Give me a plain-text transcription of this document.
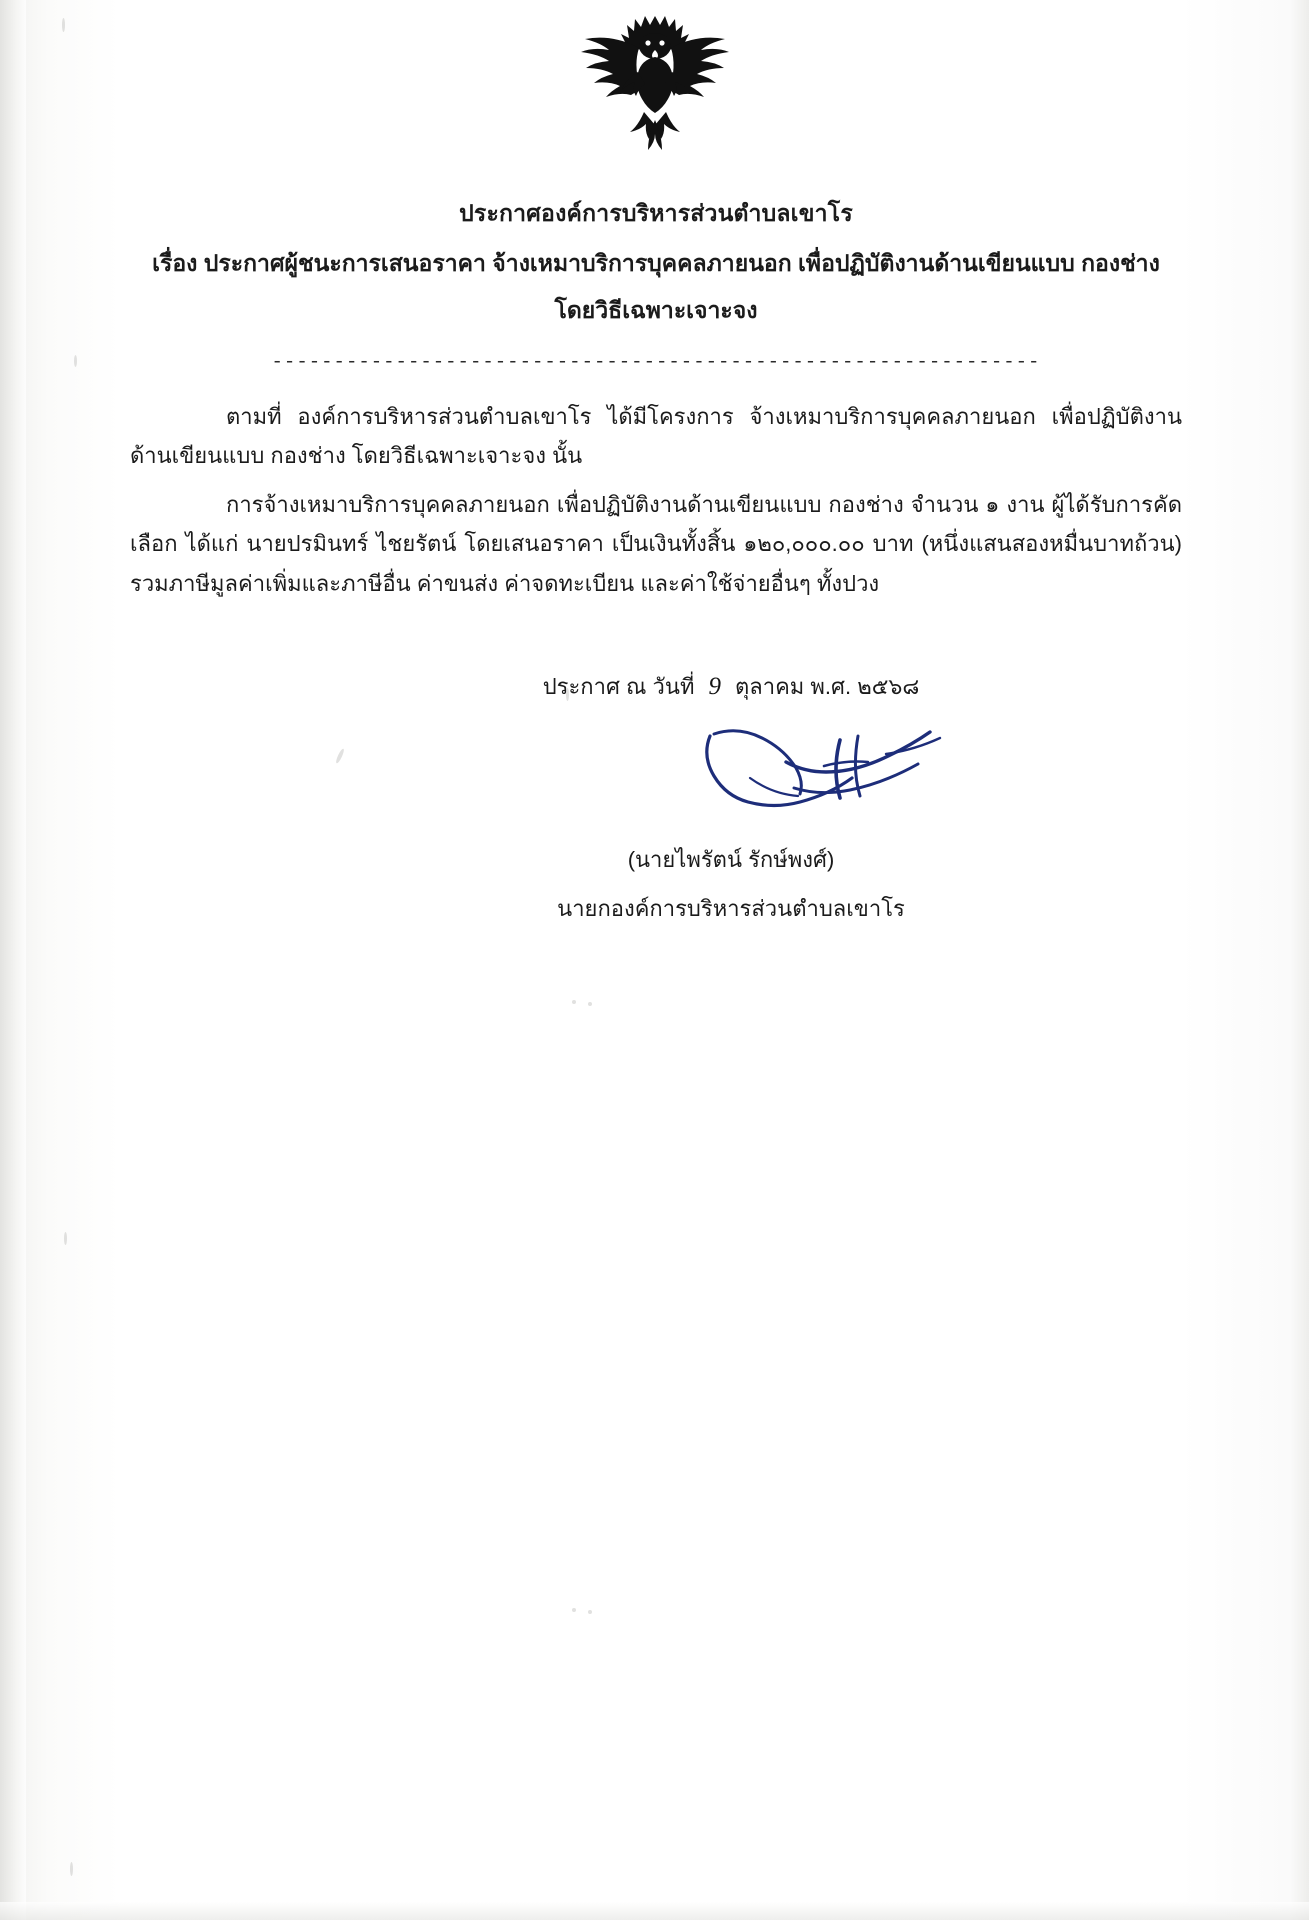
ประกาศองค์การบริหารส่วนตำบลเขาโร
เรื่อง ประกาศผู้ชนะการเสนอราคา จ้างเหมาบริการบุคคลภายนอก เพื่อปฏิบัติงานด้านเขียนแบบ กองช่าง
โดยวิธีเฉพาะเจาะจง
--------------------------------------------------------------
ตามที่ องค์การบริหารส่วนตำบลเขาโร ได้มีโครงการ จ้างเหมาบริการบุคคลภายนอก เพื่อปฏิบัติงานด้านเขียนแบบ กองช่าง โดยวิธีเฉพาะเจาะจง นั้น
การจ้างเหมาบริการบุคคลภายนอก เพื่อปฏิบัติงานด้านเขียนแบบ กองช่าง จำนวน ๑ งาน ผู้ได้รับการคัดเลือก ได้แก่ นายปรมินทร์ ไชยรัตน์ โดยเสนอราคา เป็นเงินทั้งสิ้น ๑๒๐,๐๐๐.๐๐ บาท (หนึ่งแสนสองหมื่นบาทถ้วน) รวมภาษีมูลค่าเพิ่มและภาษีอื่น ค่าขนส่ง ค่าจดทะเบียน และค่าใช้จ่ายอื่นๆ ทั้งปวง
ประกาศ ณ วันที่ 9 ตุลาคม พ.ศ. ๒๕๖๘
(นายไพรัตน์ รักษ์พงศ์)
นายกองค์การบริหารส่วนตำบลเขาโร
